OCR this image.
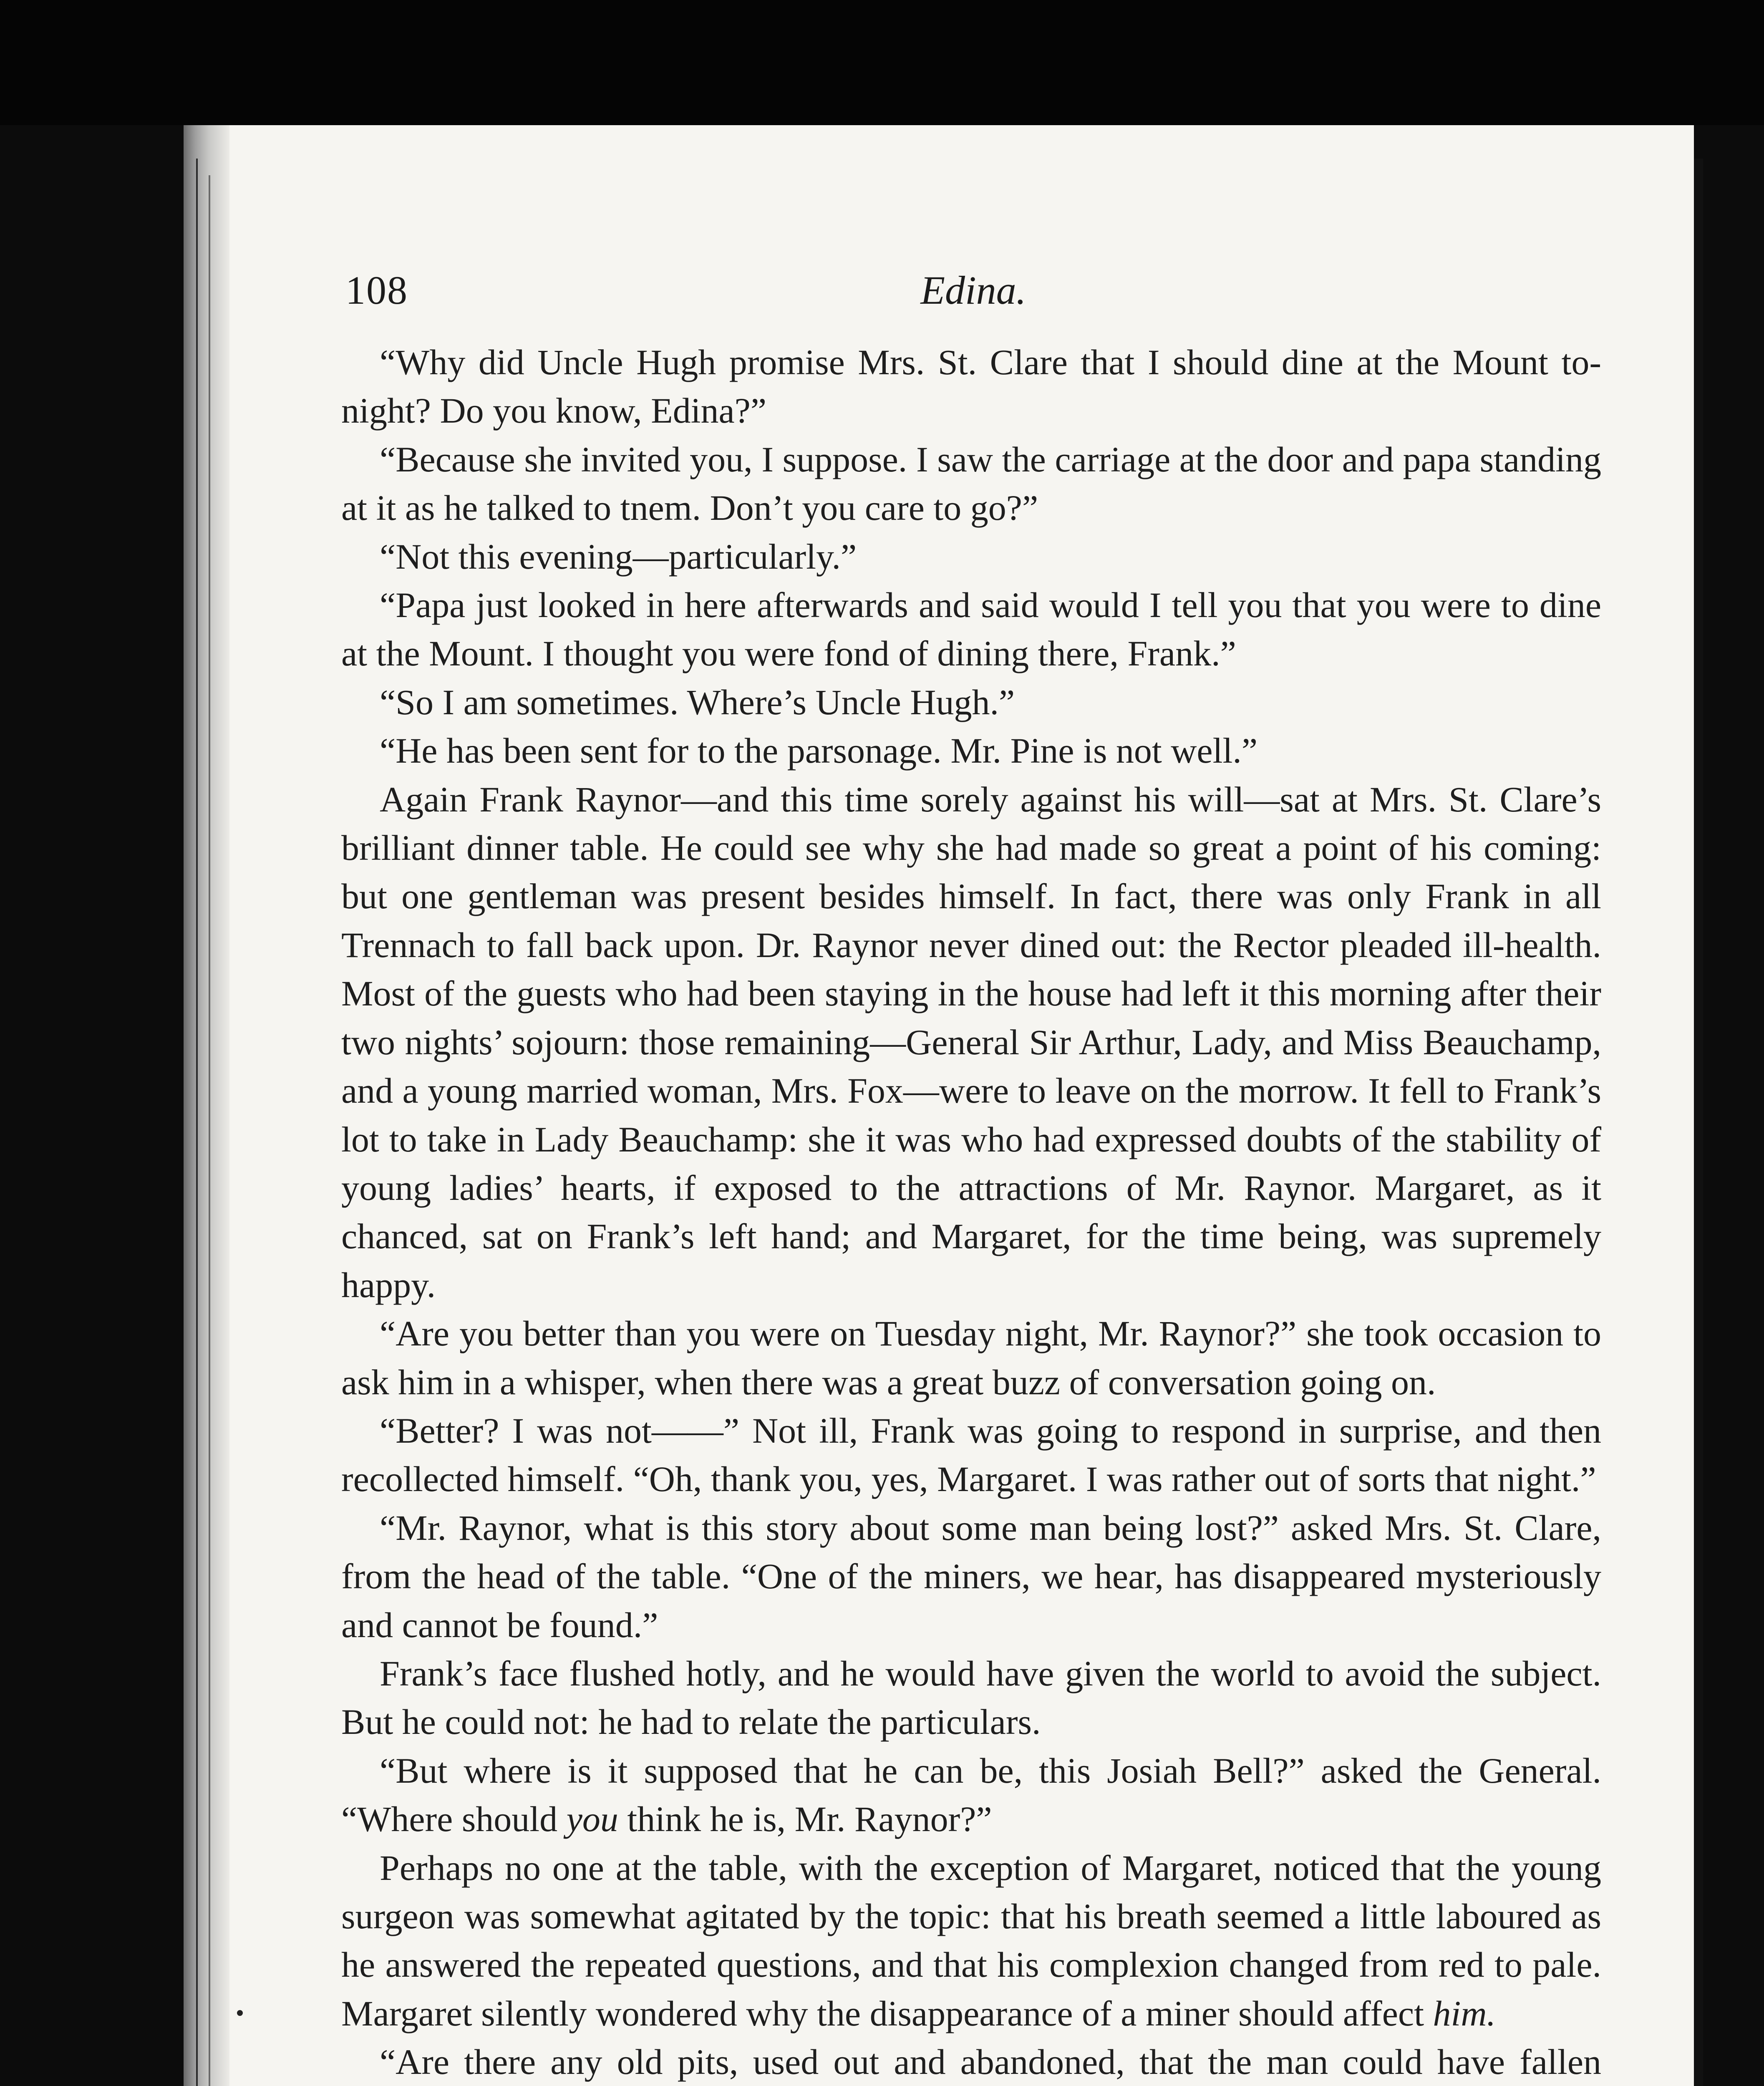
108	Edina.

“Why did Uncle Hugh promise Mrs. St. Clare that I should dine at the Mount to-night? Do you know, Edina?”

“Because she invited you, I suppose. I saw the carriage at the door and papa standing at it as he talked to tnem. Don’t you care to go?”

“Not this evening—particularly.”

“Papa just looked in here afterwards and said would I tell you that you were to dine at the Mount. I thought you were fond of dining there, Frank.”

“So I am sometimes. Where’s Uncle Hugh.”

“He has been sent for to the parsonage. Mr. Pine is not well.”

Again Frank Raynor—and this time sorely against his will—sat at Mrs. St. Clare’s brilliant dinner table. He could see why she had made so great a point of his coming: but one gentleman was present besides himself. In fact, there was only Frank in all Trennach to fall back upon. Dr. Raynor never dined out: the Rector pleaded ill-health. Most of the guests who had been staying in the house had left it this morning after their two nights’ sojourn: those remaining—General Sir Arthur, Lady, and Miss Beauchamp, and a young married woman, Mrs. Fox—were to leave on the morrow. It fell to Frank’s lot to take in Lady Beauchamp: she it was who had expressed doubts of the stability of young ladies’ hearts, if exposed to the attractions of Mr. Raynor. Margaret, as it chanced, sat on Frank’s left hand; and Margaret, for the time being, was supremely happy.

“Are you better than you were on Tuesday night, Mr. Raynor?” she took occasion to ask him in a whisper, when there was a great buzz of conversation going on.

“Better? I was not——” Not ill, Frank was going to respond in surprise, and then recollected himself. “Oh, thank you, yes, Margaret. I was rather out of sorts that night.”

“Mr. Raynor, what is this story about some man being lost?” asked Mrs. St. Clare, from the head of the table. “One of the miners, we hear, has disappeared mysteriously and cannot be found.”

Frank’s face flushed hotly, and he would have given the world to avoid the subject. But he could not: he had to relate the particulars.

“But where is it supposed that he can be, this Josiah Bell?” asked the General. “Where should you think he is, Mr. Raynor?”

Perhaps no one at the table, with the exception of Margaret, noticed that the young surgeon was somewhat agitated by the topic: that his breath seemed a little laboured as he answered the repeated questions, and that his complexion changed from red to pale. Margaret silently wondered why the disappearance of a miner should affect him.

“Are there any old pits, used out and abandoned, that the man could have fallen
